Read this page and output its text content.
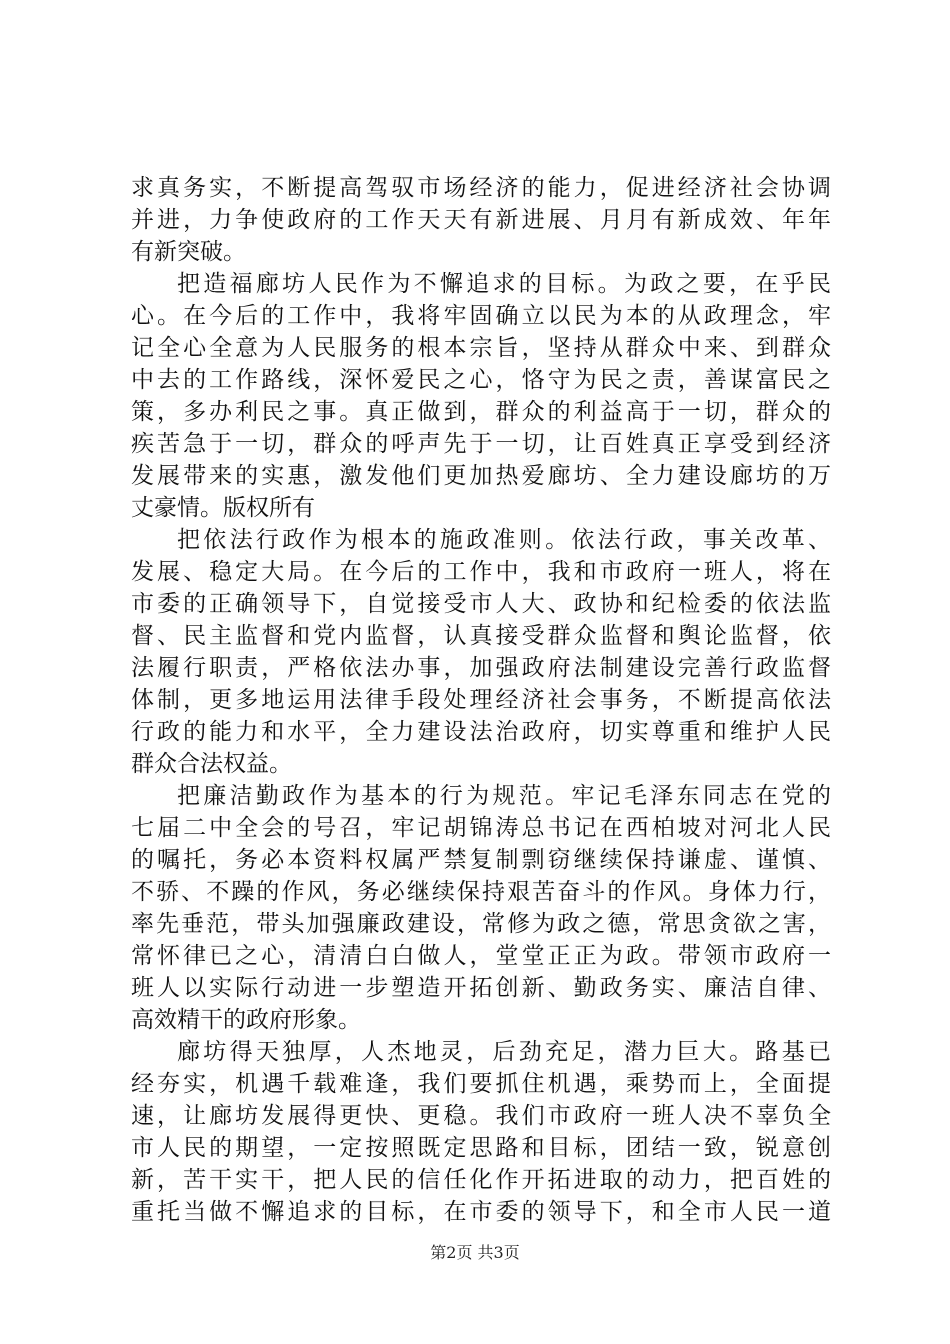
求真务实，不断提高驾驭市场经济的能力，促进经济社会协调
并进，力争使政府的工作天天有新进展、月月有新成效、年年
有新突破。
把造福廊坊人民作为不懈追求的目标。为政之要，在乎民
心。在今后的工作中，我将牢固确立以民为本的从政理念，牢
记全心全意为人民服务的根本宗旨，坚持从群众中来、到群众
中去的工作路线，深怀爱民之心，恪守为民之责，善谋富民之
策，多办利民之事。真正做到，群众的利益高于一切，群众的
疾苦急于一切，群众的呼声先于一切，让百姓真正享受到经济
发展带来的实惠，激发他们更加热爱廊坊、全力建设廊坊的万
丈豪情。版权所有
把依法行政作为根本的施政准则。依法行政，事关改革、
发展、稳定大局。在今后的工作中，我和市政府一班人，将在
市委的正确领导下，自觉接受市人大、政协和纪检委的依法监
督、民主监督和党内监督，认真接受群众监督和舆论监督，依
法履行职责，严格依法办事，加强政府法制建设完善行政监督
体制，更多地运用法律手段处理经济社会事务，不断提高依法
行政的能力和水平，全力建设法治政府，切实尊重和维护人民
群众合法权益。
把廉洁勤政作为基本的行为规范。牢记毛泽东同志在党的
七届二中全会的号召，牢记胡锦涛总书记在西柏坡对河北人民
的嘱托，务必本资料权属严禁复制剽窃继续保持谦虚、谨慎、
不骄、不躁的作风，务必继续保持艰苦奋斗的作风。身体力行，
率先垂范，带头加强廉政建设，常修为政之德，常思贪欲之害，
常怀律已之心，清清白白做人，堂堂正正为政。带领市政府一
班人以实际行动进一步塑造开拓创新、勤政务实、廉洁自律、
高效精干的政府形象。
廊坊得天独厚，人杰地灵，后劲充足，潜力巨大。路基已
经夯实，机遇千载难逢，我们要抓住机遇，乘势而上，全面提
速，让廊坊发展得更快、更稳。我们市政府一班人决不辜负全
市人民的期望，一定按照既定思路和目标，团结一致，锐意创
新，苦干实干，把人民的信任化作开拓进取的动力，把百姓的
重托当做不懈追求的目标，在市委的领导下，和全市人民一道
第2页 共3页
